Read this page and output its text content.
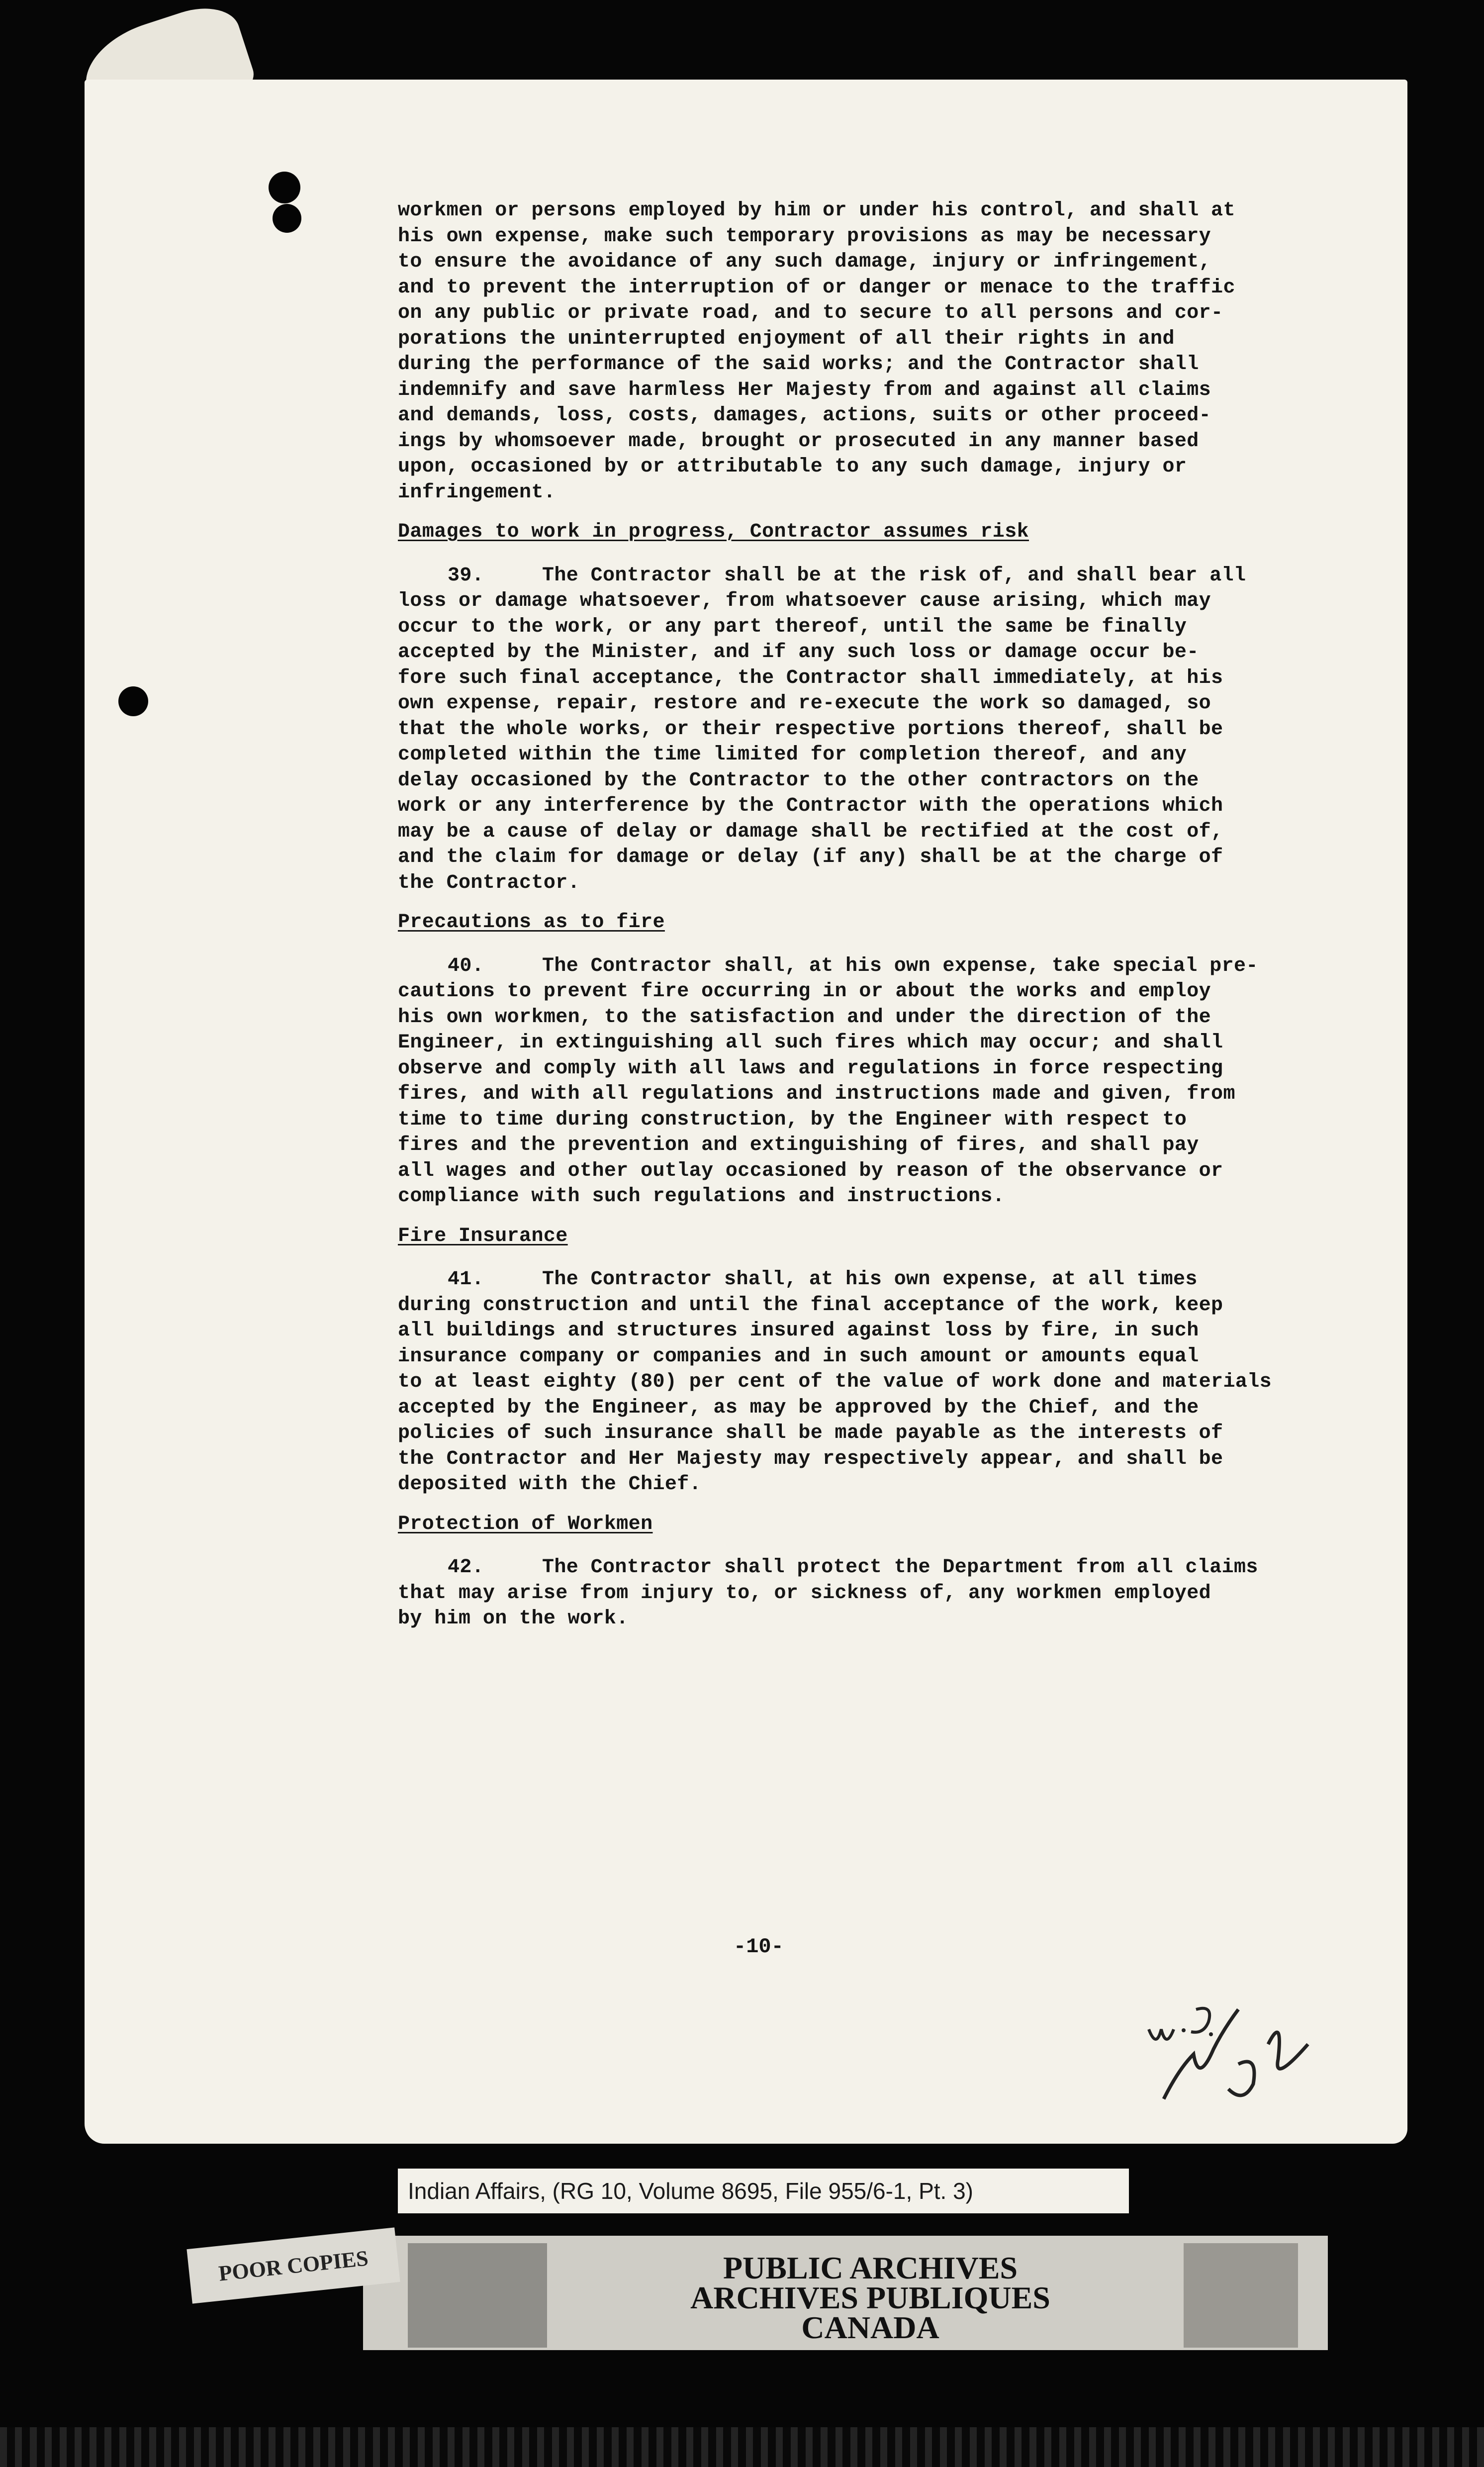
workmen or persons employed by him or under his control, and shall at
his own expense, make such temporary provisions as may be necessary
to ensure the avoidance of any such damage, injury or infringement,
and to prevent the interruption of or danger or menace to the traffic
on any public or private road, and to secure to all persons and cor-
porations the uninterrupted enjoyment of all their rights in and
during the performance of the said works; and the Contractor shall
indemnify and save harmless Her Majesty from and against all claims
and demands, loss, costs, damages, actions, suits or other proceed-
ings by whomsoever made, brought or prosecuted in any manner based
upon, occasioned by or attributable to any such damage, injury or
infringement.
Damages to work in progress, Contractor assumes risk
39.	The Contractor shall be at the risk of, and shall bear all
loss or damage whatsoever, from whatsoever cause arising, which may
occur to the work, or any part thereof, until the same be finally
accepted by the Minister, and if any such loss or damage occur be-
fore such final acceptance, the Contractor shall immediately, at his
own expense, repair, restore and re-execute the work so damaged, so
that the whole works, or their respective portions thereof, shall be
completed within the time limited for completion thereof, and any
delay occasioned by the Contractor to the other contractors on the
work or any interference by the Contractor with the operations which
may be a cause of delay or damage shall be rectified at the cost of,
and the claim for damage or delay (if any) shall be at the charge of
the Contractor.
Precautions as to fire
40.	The Contractor shall, at his own expense, take special pre-
cautions to prevent fire occurring in or about the works and employ
his own workmen, to the satisfaction and under the direction of the
Engineer, in extinguishing all such fires which may occur; and shall
observe and comply with all laws and regulations in force respecting
fires, and with all regulations and instructions made and given, from
time to time during construction, by the Engineer with respect to
fires and the prevention and extinguishing of fires, and shall pay
all wages and other outlay occasioned by reason of the observance or
compliance with such regulations and instructions.
Fire Insurance
41.	The Contractor shall, at his own expense, at all times
during construction and until the final acceptance of the work, keep
all buildings and structures insured against loss by fire, in such
insurance company or companies and in such amount or amounts equal
to at least eighty (80) per cent of the value of work done and materials
accepted by the Engineer, as may be approved by the Chief, and the
policies of such insurance shall be made payable as the interests of
the Contractor and Her Majesty may respectively appear, and shall be
deposited with the Chief.
Protection of Workmen
42.	The Contractor shall protect the Department from all claims
that may arise from injury to, or sickness of, any workmen employed
by him on the work.
-10-
Indian Affairs, (RG 10, Volume 8695, File 955/6-1, Pt. 3)
POOR COPIES	PUBLIC ARCHIVES
ARCHIVES PUBLIQUES
CANADA
